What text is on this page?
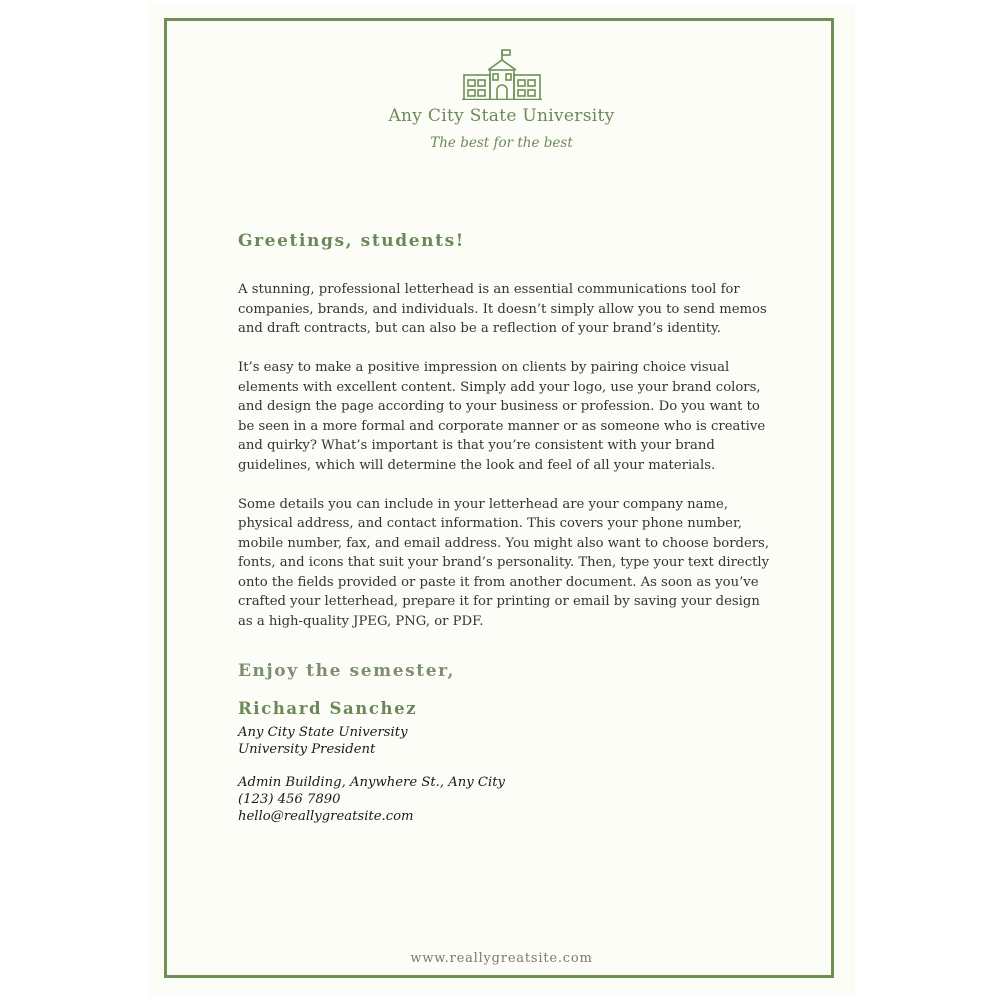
Any City State University
The best for the best
Greetings, students!

A stunning, professional letterhead is an essential communications tool for companies, brands, and individuals. It doesn’t simply allow you to send memos and draft contracts, but can also be a reflection of your brand’s identity.

It’s easy to make a positive impression on clients by pairing choice visual elements with excellent content. Simply add your logo, use your brand colors, and design the page according to your business or profession. Do you want to be seen in a more formal and corporate manner or as someone who is creative and quirky? What’s important is that you’re consistent with your brand guidelines, which will determine the look and feel of all your materials.

Some details you can include in your letterhead are your company name, physical address, and contact information. This covers your phone number, mobile number, fax, and email address. You might also want to choose borders, fonts, and icons that suit your brand’s personality. Then, type your text directly onto the fields provided or paste it from another document. As soon as you’ve crafted your letterhead, prepare it for printing or email by saving your design as a high-quality JPEG, PNG, or PDF.

Enjoy the semester,
Richard Sanchez
Any City State University
University President
Admin Building, Anywhere St., Any City
(123) 456 7890
hello@reallygreatsite.com
www.reallygreatsite.com
